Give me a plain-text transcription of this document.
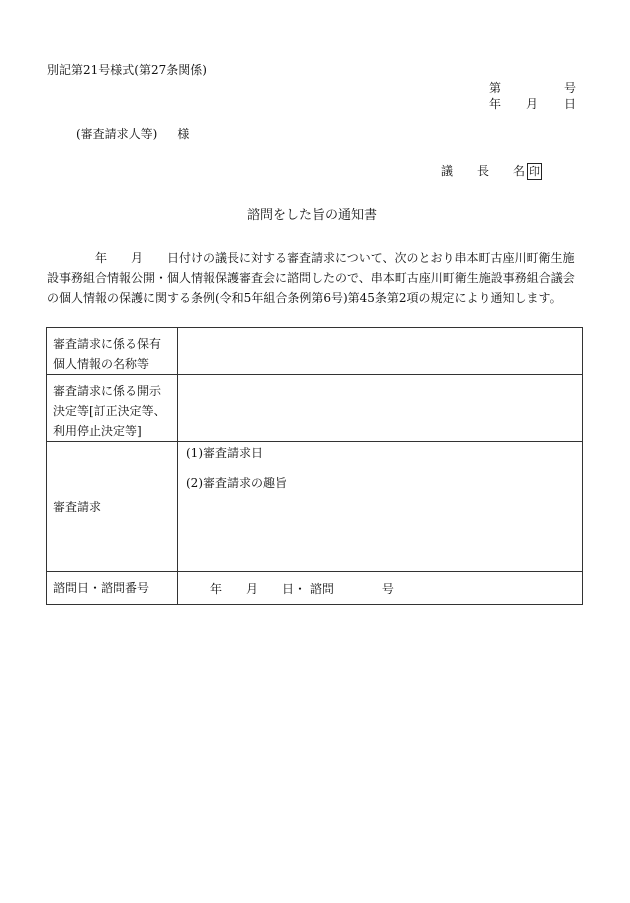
別記第21号様式(第27条関係)
第	号
年 月 日
(審査請求人等) 様
議　　長　　名 印
諮問をした旨の通知書

　　　　年　　月　　日付けの議長に対する審査請求について、次のとおり串本町古座川町衛生施

設事務組合情報公開・個人情報保護審査会に諮問したので、串本町古座川町衛生施設事務組合議会

の個人情報の保護に関する条例(令和5年組合条例第6号)第45条第2項の規定により通知します。

審査請求に係る保有
個人情報の名称等	

審査請求に係る開示
決定等[訂正決定等、
利用停止決定等]	

審査請求	(1)審査請求日

(2)審査請求の趣旨

諮問日・諮問番号	　　年　　月　　日・ 諮問　　　　号
